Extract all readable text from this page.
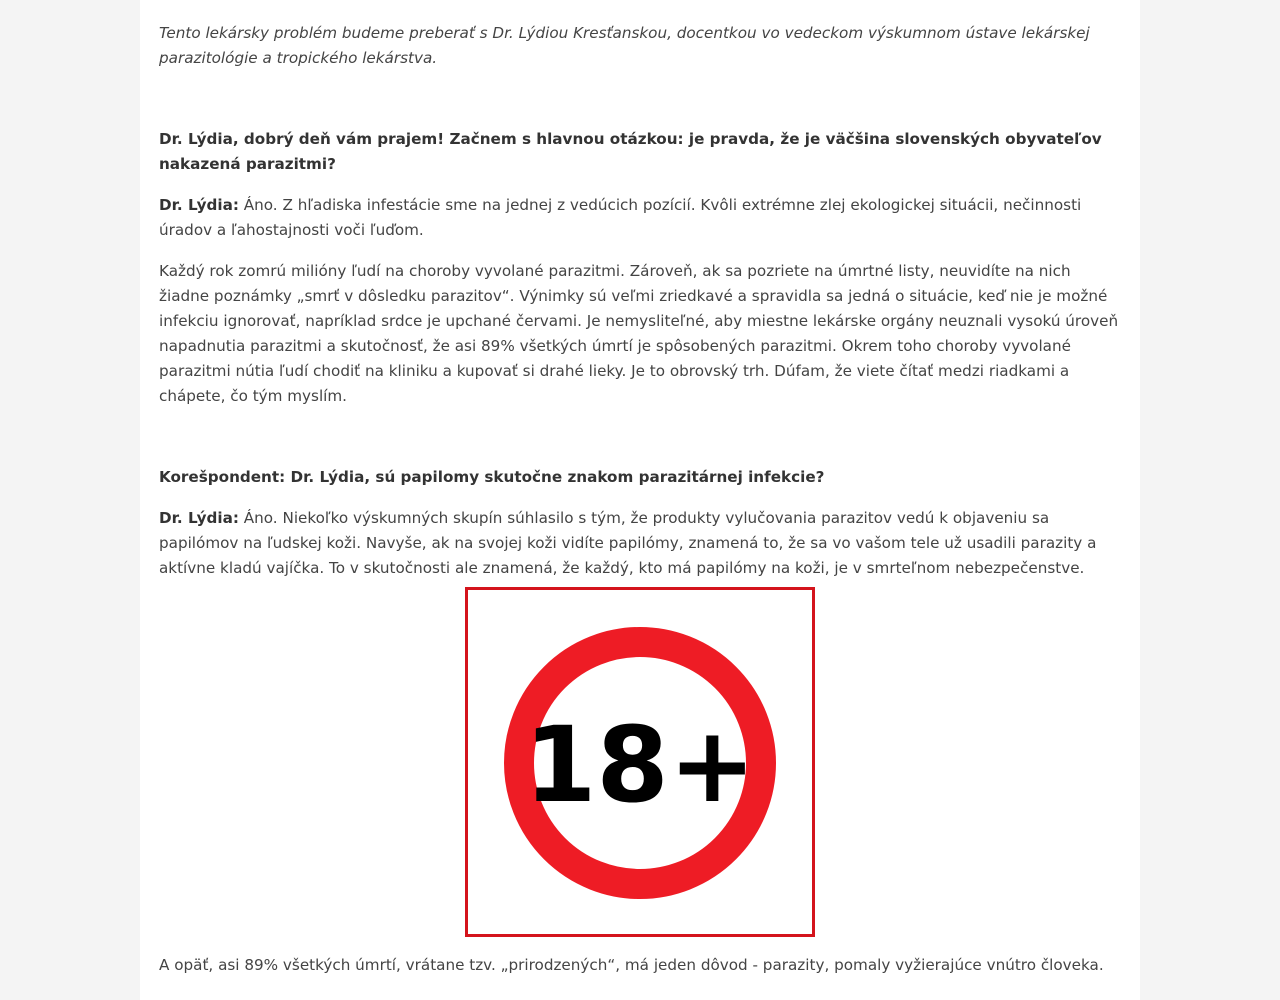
Tento lekársky problém budeme preberať s Dr. Lýdiou Kresťanskou, docentkou vo vedeckom výskumnom ústave lekárskej parazitológie a tropického lekárstva.

Dr. Lýdia, dobrý deň vám prajem! Začnem s hlavnou otázkou: je pravda, že je väčšina slovenských obyvateľov nakazená parazitmi?

Dr. Lýdia: Áno. Z hľadiska infestácie sme na jednej z vedúcich pozícií. Kvôli extrémne zlej ekologickej situácii, nečinnosti úradov a ľahostajnosti voči ľuďom.

Každý rok zomrú milióny ľudí na choroby vyvolané parazitmi. Zároveň, ak sa pozriete na úmrtné listy, neuvidíte na nich žiadne poznámky „smrť v dôsledku parazitov“. Výnimky sú veľmi zriedkavé a spravidla sa jedná o situácie, keď nie je možné infekciu ignorovať, napríklad srdce je upchané červami. Je nemysliteľné, aby miestne lekárske orgány neuznali vysokú úroveň napadnutia parazitmi a skutočnosť, že asi 89% všetkých úmrtí je spôsobených parazitmi. Okrem toho choroby vyvolané parazitmi nútia ľudí chodiť na kliniku a kupovať si drahé lieky. Je to obrovský trh. Dúfam, že viete čítať medzi riadkami a chápete, čo tým myslím.

Korešpondent: Dr. Lýdia, sú papilomy skutočne znakom parazitárnej infekcie?

Dr. Lýdia: Áno. Niekoľko výskumných skupín súhlasilo s tým, že produkty vylučovania parazitov vedú k objaveniu sa papilómov na ľudskej koži. Navyše, ak na svojej koži vidíte papilómy, znamená to, že sa vo vašom tele už usadili parazity a aktívne kladú vajíčka. To v skutočnosti ale znamená, že každý, kto má papilómy na koži, je v smrteľnom nebezpečenstve.

18+
A opäť, asi 89% všetkých úmrtí, vrátane tzv. „prirodzených“, má jeden dôvod - parazity, pomaly vyžierajúce vnútro človeka.
